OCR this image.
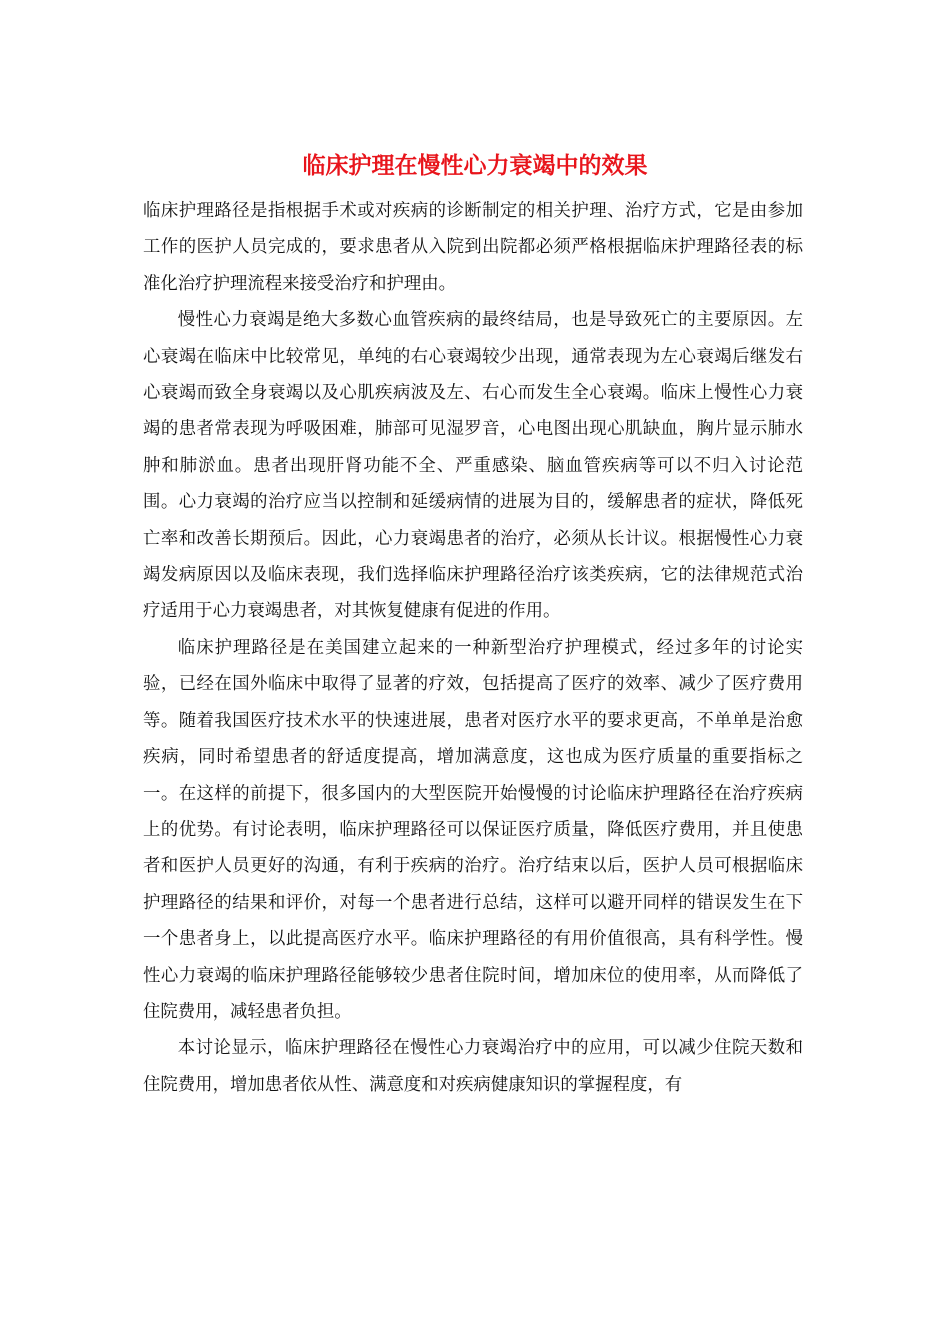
临床护理在慢性心力衰竭中的效果

临床护理路径是指根据手术或对疾病的诊断制定的相关护理、治疗方式，它是由参加工作的医护人员完成的，要求患者从入院到出院都必须严格根据临床护理路径表的标准化治疗护理流程来接受治疗和护理由。

慢性心力衰竭是绝大多数心血管疾病的最终结局，也是导致死亡的主要原因。左心衰竭在临床中比较常见，单纯的右心衰竭较少出现，通常表现为左心衰竭后继发右心衰竭而致全身衰竭以及心肌疾病波及左、右心而发生全心衰竭。临床上慢性心力衰竭的患者常表现为呼吸困难，肺部可见湿罗音，心电图出现心肌缺血，胸片显示肺水肿和肺淤血。患者出现肝肾功能不全、严重感染、脑血管疾病等可以不归入讨论范围。心力衰竭的治疗应当以控制和延缓病情的进展为目的，缓解患者的症状，降低死亡率和改善长期预后。因此，心力衰竭患者的治疗，必须从长计议。根据慢性心力衰竭发病原因以及临床表现，我们选择临床护理路径治疗该类疾病，它的法律规范式治疗适用于心力衰竭患者，对其恢复健康有促进的作用。

临床护理路径是在美国建立起来的一种新型治疗护理模式，经过多年的讨论实验，已经在国外临床中取得了显著的疗效，包括提高了医疗的效率、减少了医疗费用等。随着我国医疗技术水平的快速进展，患者对医疗水平的要求更高，不单单是治愈疾病，同时希望患者的舒适度提高，增加满意度，这也成为医疗质量的重要指标之一。在这样的前提下，很多国内的大型医院开始慢慢的讨论临床护理路径在治疗疾病上的优势。有讨论表明，临床护理路径可以保证医疗质量，降低医疗费用，并且使患者和医护人员更好的沟通，有利于疾病的治疗。治疗结束以后，医护人员可根据临床护理路径的结果和评价，对每一个患者进行总结，这样可以避开同样的错误发生在下一个患者身上，以此提高医疗水平。临床护理路径的有用价值很高，具有科学性。慢性心力衰竭的临床护理路径能够较少患者住院时间，增加床位的使用率，从而降低了住院费用，减轻患者负担。

本讨论显示，临床护理路径在慢性心力衰竭治疗中的应用，可以减少住院天数和住院费用，增加患者依从性、满意度和对疾病健康知识的掌握程度，有
